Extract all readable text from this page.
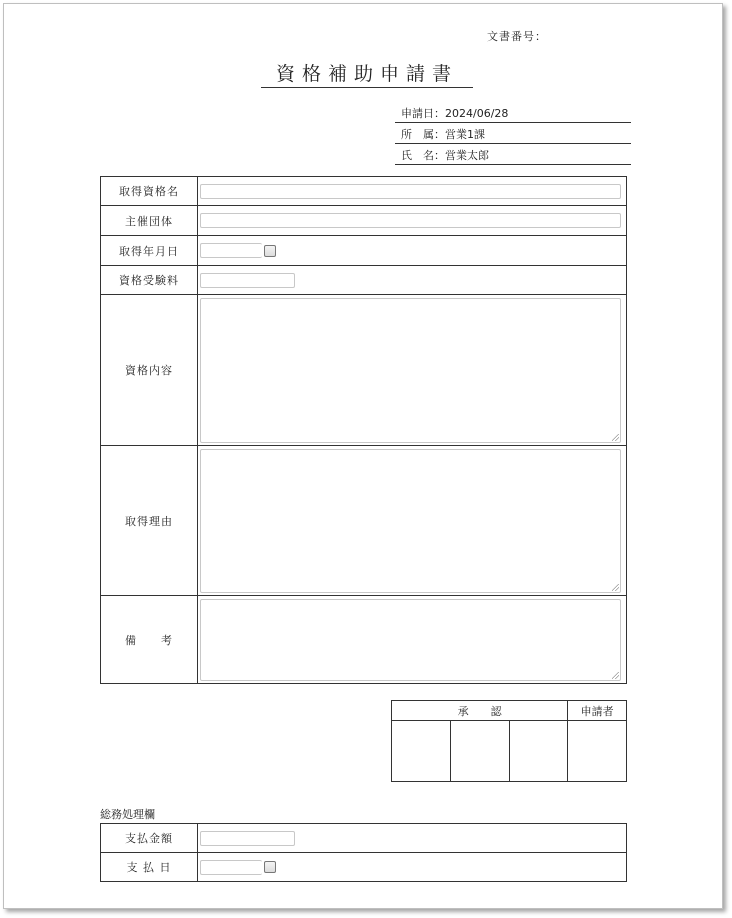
文書番号：
資格補助申請書
申請日：2024/06/28
所　属：営業1課
氏　名：営業太郎
取得資格名	

主催団体	

取得年月日	

資格受験料	

資格内容	

取得理由	

備　　考	
承　　認			申請者

総務処理欄
支払金額	

支 払 日	
